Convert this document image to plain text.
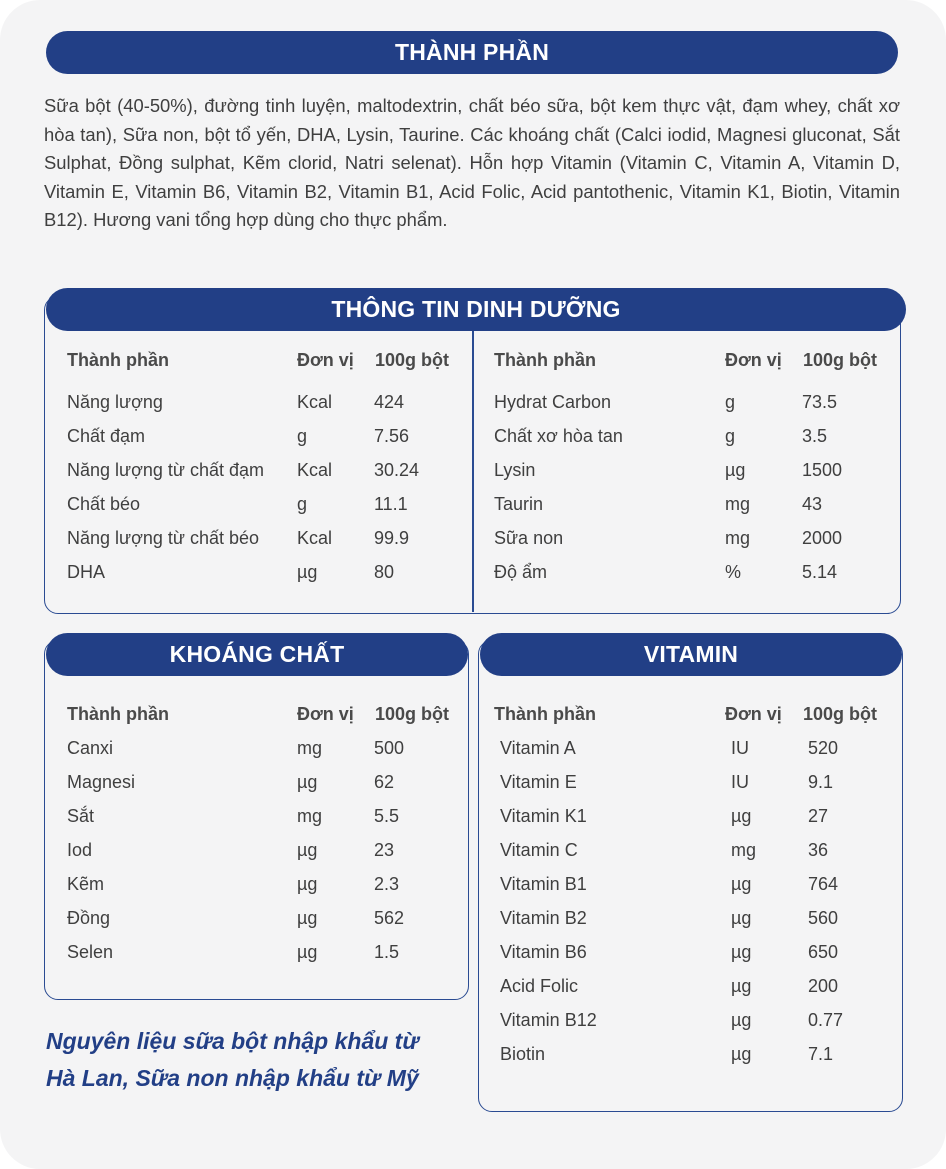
THÀNH PHẦN
Sữa bột (40-50%), đường tinh luyện, maltodextrin, chất béo sữa, bột kem thực vật, đạm whey, chất xơ hòa tan), Sữa non, bột tổ yến, DHA, Lysin, Taurine. Các khoáng chất (Calci iodid, Magnesi gluconat, Sắt Sulphat, Đồng sulphat, Kẽm clorid, Natri selenat). Hỗn hợp Vitamin (Vitamin C, Vitamin A, Vitamin D, Vitamin E, Vitamin B6, Vitamin B2, Vitamin B1, Acid Folic, Acid pantothenic, Vitamin K1, Biotin, Vitamin B12). Hương vani tổng hợp dùng cho thực phẩm.
THÔNG TIN DINH DƯỠNG
Thành phần	Đơn vị 100g bột
Năng lượng	Kcal 424
Chất đạm	g	7.56
Năng lượng từ chất đạm Kcal 30.24
Chất béo	g	11.1
Năng lượng từ chất béo Kcal 99.9
DHA	µg	80
Thành phần	Đơn vị 100g bột
Hydrat Carbon	g	73.5
Chất xơ hòa tan	g	3.5
Lysin	µg	1500
Taurin	mg	43
Sữa non	mg	2000
Độ ẩm	%	5.14
KHOÁNG CHẤT
Thành phần	Đơn vị 100g bột
Canxi	mg	500
Magnesi	µg	62
Sắt	mg	5.5
Iod	µg	23
Kẽm	µg	2.3
Đồng	µg	562
Selen	µg	1.5
VITAMIN
Thành phần	Đơn vị 100g bột
Vitamin A	IU	520
Vitamin E	IU	9.1
Vitamin K1	µg	27
Vitamin C	mg	36
Vitamin B1	µg	764
Vitamin B2	µg	560
Vitamin B6	µg	650
Acid Folic	µg	200
Vitamin B12	µg	0.77
Biotin	µg	7.1
Nguyên liệu sữa bột nhập khẩu từ
Hà Lan, Sữa non nhập khẩu từ Mỹ
